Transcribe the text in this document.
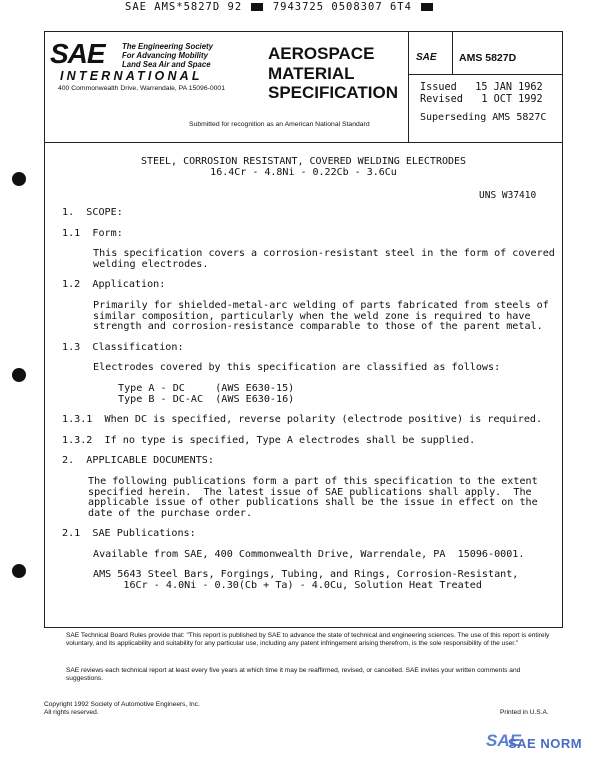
SAE AMS*5827D 92	7943725 0508307 6T4
SAE The Engineering Society
For Advancing Mobility
Land Sea Air and Space
INTERNATIONAL
400 Commonwealth Drive, Warrendale, PA 15096-0001
AEROSPACE
MATERIAL
SPECIFICATION
Submitted for recognition as an American National Standard
SAE AMS 5827D
Issued 15 JAN 1962
Revised 1 OCT 1992
Superseding AMS 5827C
STEEL, CORROSION RESISTANT, COVERED WELDING ELECTRODES
16.4Cr - 4.8Ni - 0.22Cb - 3.6Cu
UNS W37410

1.  SCOPE:

1.1  Form:

This specification covers a corrosion-resistant steel in the form of covered
welding electrodes.

1.2  Application:

Primarily for shielded-metal-arc welding of parts fabricated from steels of
similar composition, particularly when the weld zone is required to have
strength and corrosion-resistance comparable to those of the parent metal.

1.3  Classification:

Electrodes covered by this specification are classified as follows:

Type A - DC     (AWS E630-15)

Type B - DC-AC  (AWS E630-16)

1.3.1  When DC is specified, reverse polarity (electrode positive) is required.

1.3.2  If no type is specified, Type A electrodes shall be supplied.

2.  APPLICABLE DOCUMENTS:

The following publications form a part of this specification to the extent
specified herein.  The latest issue of SAE publications shall apply.  The
applicable issue of other publications shall be the issue in effect on the
date of the purchase order.

2.1  SAE Publications:

Available from SAE, 400 Commonwealth Drive, Warrendale, PA  15096-0001.

AMS 5643 Steel Bars, Forgings, Tubing, and Rings, Corrosion-Resistant,
16Cr - 4.0Ni - 0.30(Cb + Ta) - 4.0Cu, Solution Heat Treated

SAE Technical Board Rules provide that: "This report is published by SAE to advance the state of technical and engineering sciences. The use of this report is entirely voluntary, and its applicability and suitability for any particular use, including any patent infringement arising therefrom, is the sole responsibility of the user."
SAE reviews each technical report at least every five years at which time it may be reaffirmed, revised, or cancelled. SAE invites your written comments and suggestions.
Copyright 1992 Society of Automotive Engineers, Inc.
All rights reserved.	Printed in U.S.A.
SAE
SAE NORM
